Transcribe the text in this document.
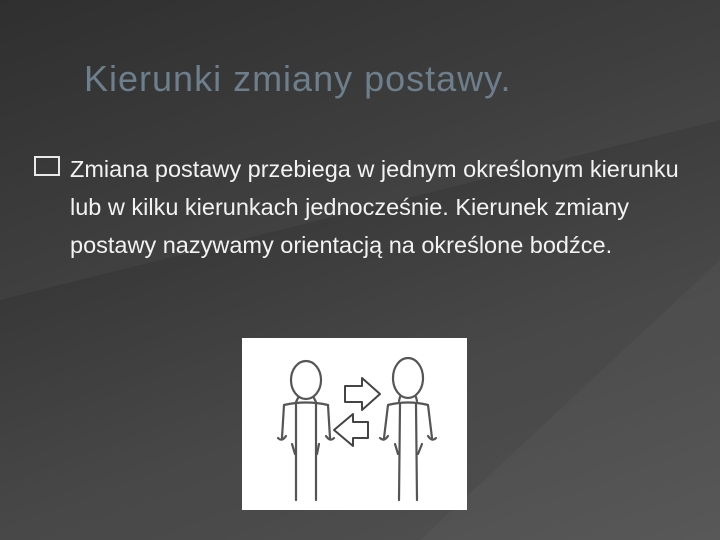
Kierunki zmiany postawy.

Zmiana postawy przebiega w jednym określonym kierunku lub w kilku kierunkach jednocześnie. Kierunek zmiany postawy nazywamy orientacją na określone bodźce.
